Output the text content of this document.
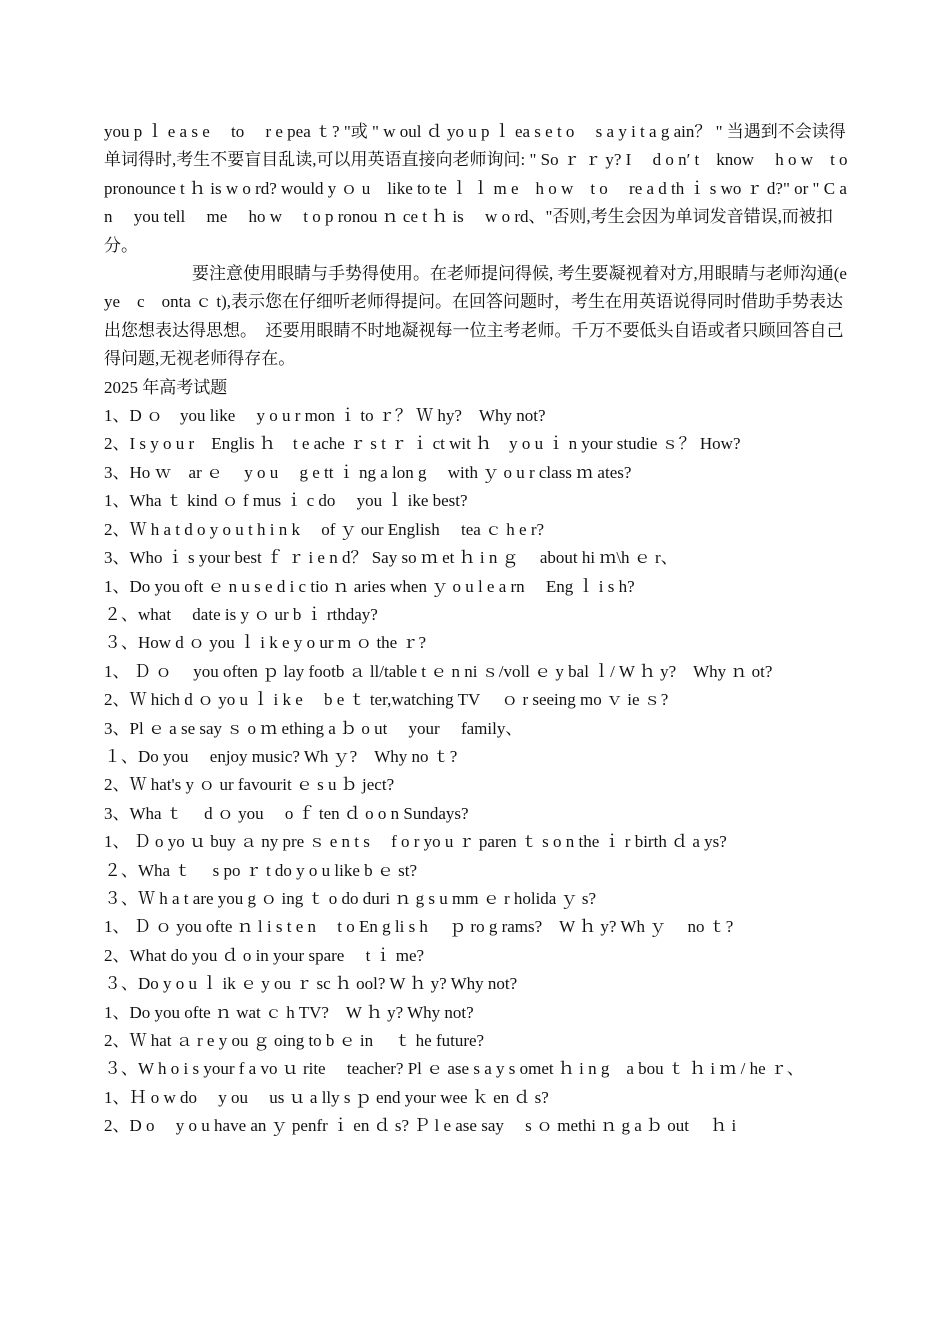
you p ｌ e a s e　 to　 r e pea ｔ? "或 " w oul ｄ yo u p ｌ ea s e t o　 s a y i t a g ain？ " 当遇到不会读得单词得时,考生不要盲目乱读,可以用英语直接向老师询问: " So ｒ ｒ y? I　 d o n′ t　know　 h o w　t o　pronounce t ｈ is w o rd? would y ｏ u　like to te ｌ ｌ m e　h o w　t o　 re a d th ｉ s wo ｒ d?" or " C a n　 you tell　 me　 ho w　 t o p ronou ｎ ce t ｈ is　 w o rd、"否则,考生会因为单词发音错误,而被扣分。

要注意使用眼睛与手势得使用。在老师提问得候, 考生要凝视着对方,用眼睛与老师沟通(eye　c　onta ｃ t),表示您在仔细听老师得提问。在回答问题时，考生在用英语说得同时借助手势表达出您想表达得思想。　还要用眼睛不时地凝视每一位主考老师。千万不要低头自语或者只顾回答自己得问题,无视老师得存在。

2025 年高考试题

1、D ｏ　you like　 y o u r mon ｉ to ｒ？ Ｗ hy?　Why not?

2、I s y o u r　Englis ｈ　t e ache ｒ s t ｒ ｉ ct wit ｈ　y o u ｉ n your studie ｓ？ How?

3、Ho ｗ　ar ｅ　 y o u　 g e tt ｉ ng a lon g　 with ｙ o u r class ｍ ates?

1、Wha ｔ kind ｏ f mus ｉ c do　 you ｌ ike best?

2、Ｗ h a t d o y o u t h i n k　 of ｙ our English　 tea ｃ h e r?

3、Who ｉ s your best ｆ ｒ i e n d？ Say so ｍ et ｈ i n ｇ　 about hi ｍ\h ｅ r、

1、Do you oft ｅ n u s e d i c tio ｎ aries when ｙ o u l e a rn　 Eng ｌ i s h?

２、what　 date is y ｏ ur b ｉ rthday?

３、How d ｏ you ｌ i k e y o ur m ｏ the ｒ?

1、 Ｄ ｏ　 you often ｐ lay footb ａ ll/table t ｅ n ni ｓ/voll ｅ y bal ｌ/ W ｈ y?　Why ｎ ot?

2、Ｗ hich d ｏ yo u ｌ i k e　 b e ｔ ter,watching TV　 ｏ r seeing mo ｖ ie ｓ?

3、Pl ｅ a se say ｓ o ｍ ething a ｂ o ut　 your　 family、

１、Do you　 enjoy music? Wh ｙ?　Why no ｔ?

2、Ｗ hat's y ｏ ur favourit ｅ s u ｂ ject?

3、Wha ｔ　 d ｏ you　 o ｆ ten ｄ o o n Sundays?

1、 Ｄ o yo ｕ buy ａ ny pre ｓ e n t s　 f o r yo u ｒ paren ｔ s o n the ｉ r birth ｄ a ys?

２、Wha ｔ　 s po ｒ t do y o u like b ｅ st?

３、Ｗ h a t are you g ｏ ing ｔ o do duri ｎ g s u mm ｅ r holida ｙ s?

1、 Ｄ ｏ you ofte ｎ l i s t e n　 t o En g li s h　 ｐ ro g rams?　W ｈ y? Wh ｙ　 no ｔ?

2、What do you ｄ o in your spare　 t ｉ me?

３、Do y o u ｌ ik ｅ y ou ｒ sc ｈ ool? W ｈ y? Why not?

1、Do you ofte ｎ wat ｃ h TV?　W ｈ y? Why not?

2、Ｗ hat ａ r e y ou ｇ oing to b ｅ in　 ｔ he future?

３、W h o i s your f a vo ｕ rite　 teacher? Pl ｅ ase s a y s omet ｈ i n g　a bou ｔ ｈ i ｍ / he ｒ、

1、Ｈ o w do　 y ou　 us ｕ a lly s ｐ end your wee ｋ en ｄ s?

2、D o　 y o u have an ｙ penfr ｉ en ｄ s? Ｐ l e ase say　 s ｏ methi ｎ g a ｂ out　 ｈ i
